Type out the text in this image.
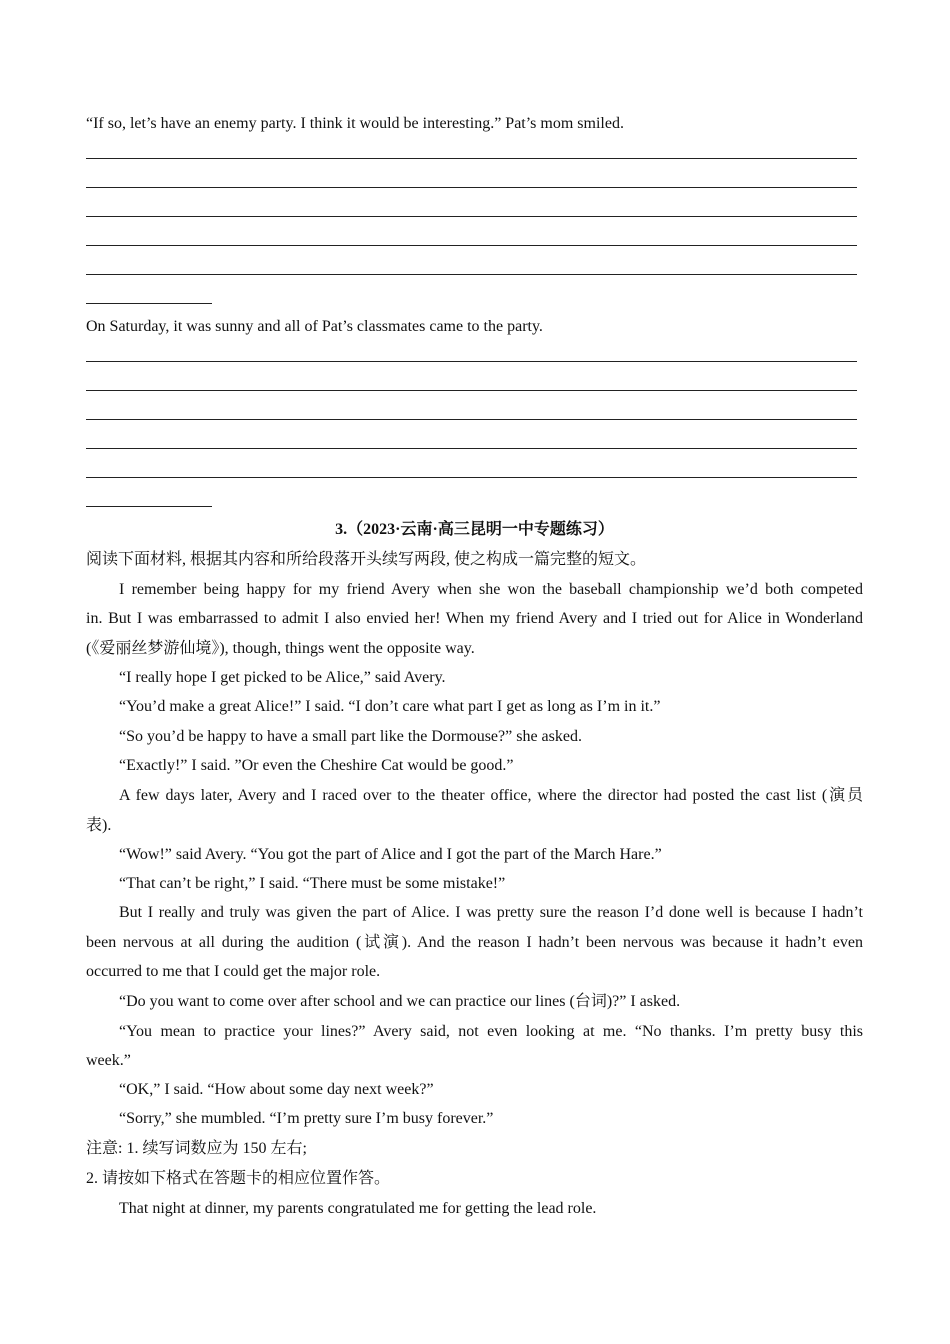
“If so, let’s have an enemy party. I think it would be interesting.” Pat’s mom smiled.
On Saturday, it was sunny and all of Pat’s classmates came to the party.
3.（2023·云南·高三昆明一中专题练习）
阅读下面材料, 根据其内容和所给段落开头续写两段, 使之构成一篇完整的短文。
I remember being happy for my friend Avery when she won the baseball championship we’d both competed
in. But I was embarrassed to admit I also envied her! When my friend Avery and I tried out for Alice in Wonderland
(《爱丽丝梦游仙境》), though, things went the opposite way.
“I really hope I get picked to be Alice,” said Avery.
“You’d make a great Alice!” I said. “I don’t care what part I get as long as I’m in it.”
“So you’d be happy to have a small part like the Dormouse?” she asked.
“Exactly!” I said. ”Or even the Cheshire Cat would be good.”
A few days later, Avery and I raced over to the theater office, where the director had posted the cast list (演员
表).
“Wow!” said Avery. “You got the part of Alice and I got the part of the March Hare.”
“That can’t be right,” I said. “There must be some mistake!”
But I really and truly was given the part of Alice. I was pretty sure the reason I’d done well is because I hadn’t
been nervous at all during the audition (试演). And the reason I hadn’t been nervous was because it hadn’t even
occurred to me that I could get the major role.
“Do you want to come over after school and we can practice our lines (台词)?” I asked.
“You mean to practice your lines?” Avery said, not even looking at me. “No thanks. I’m pretty busy this
week.”
“OK,” I said. “How about some day next week?”
“Sorry,” she mumbled. “I’m pretty sure I’m busy forever.”
注意: 1. 续写词数应为 150 左右;
2. 请按如下格式在答题卡的相应位置作答。
That night at dinner, my parents congratulated me for getting the lead role.
